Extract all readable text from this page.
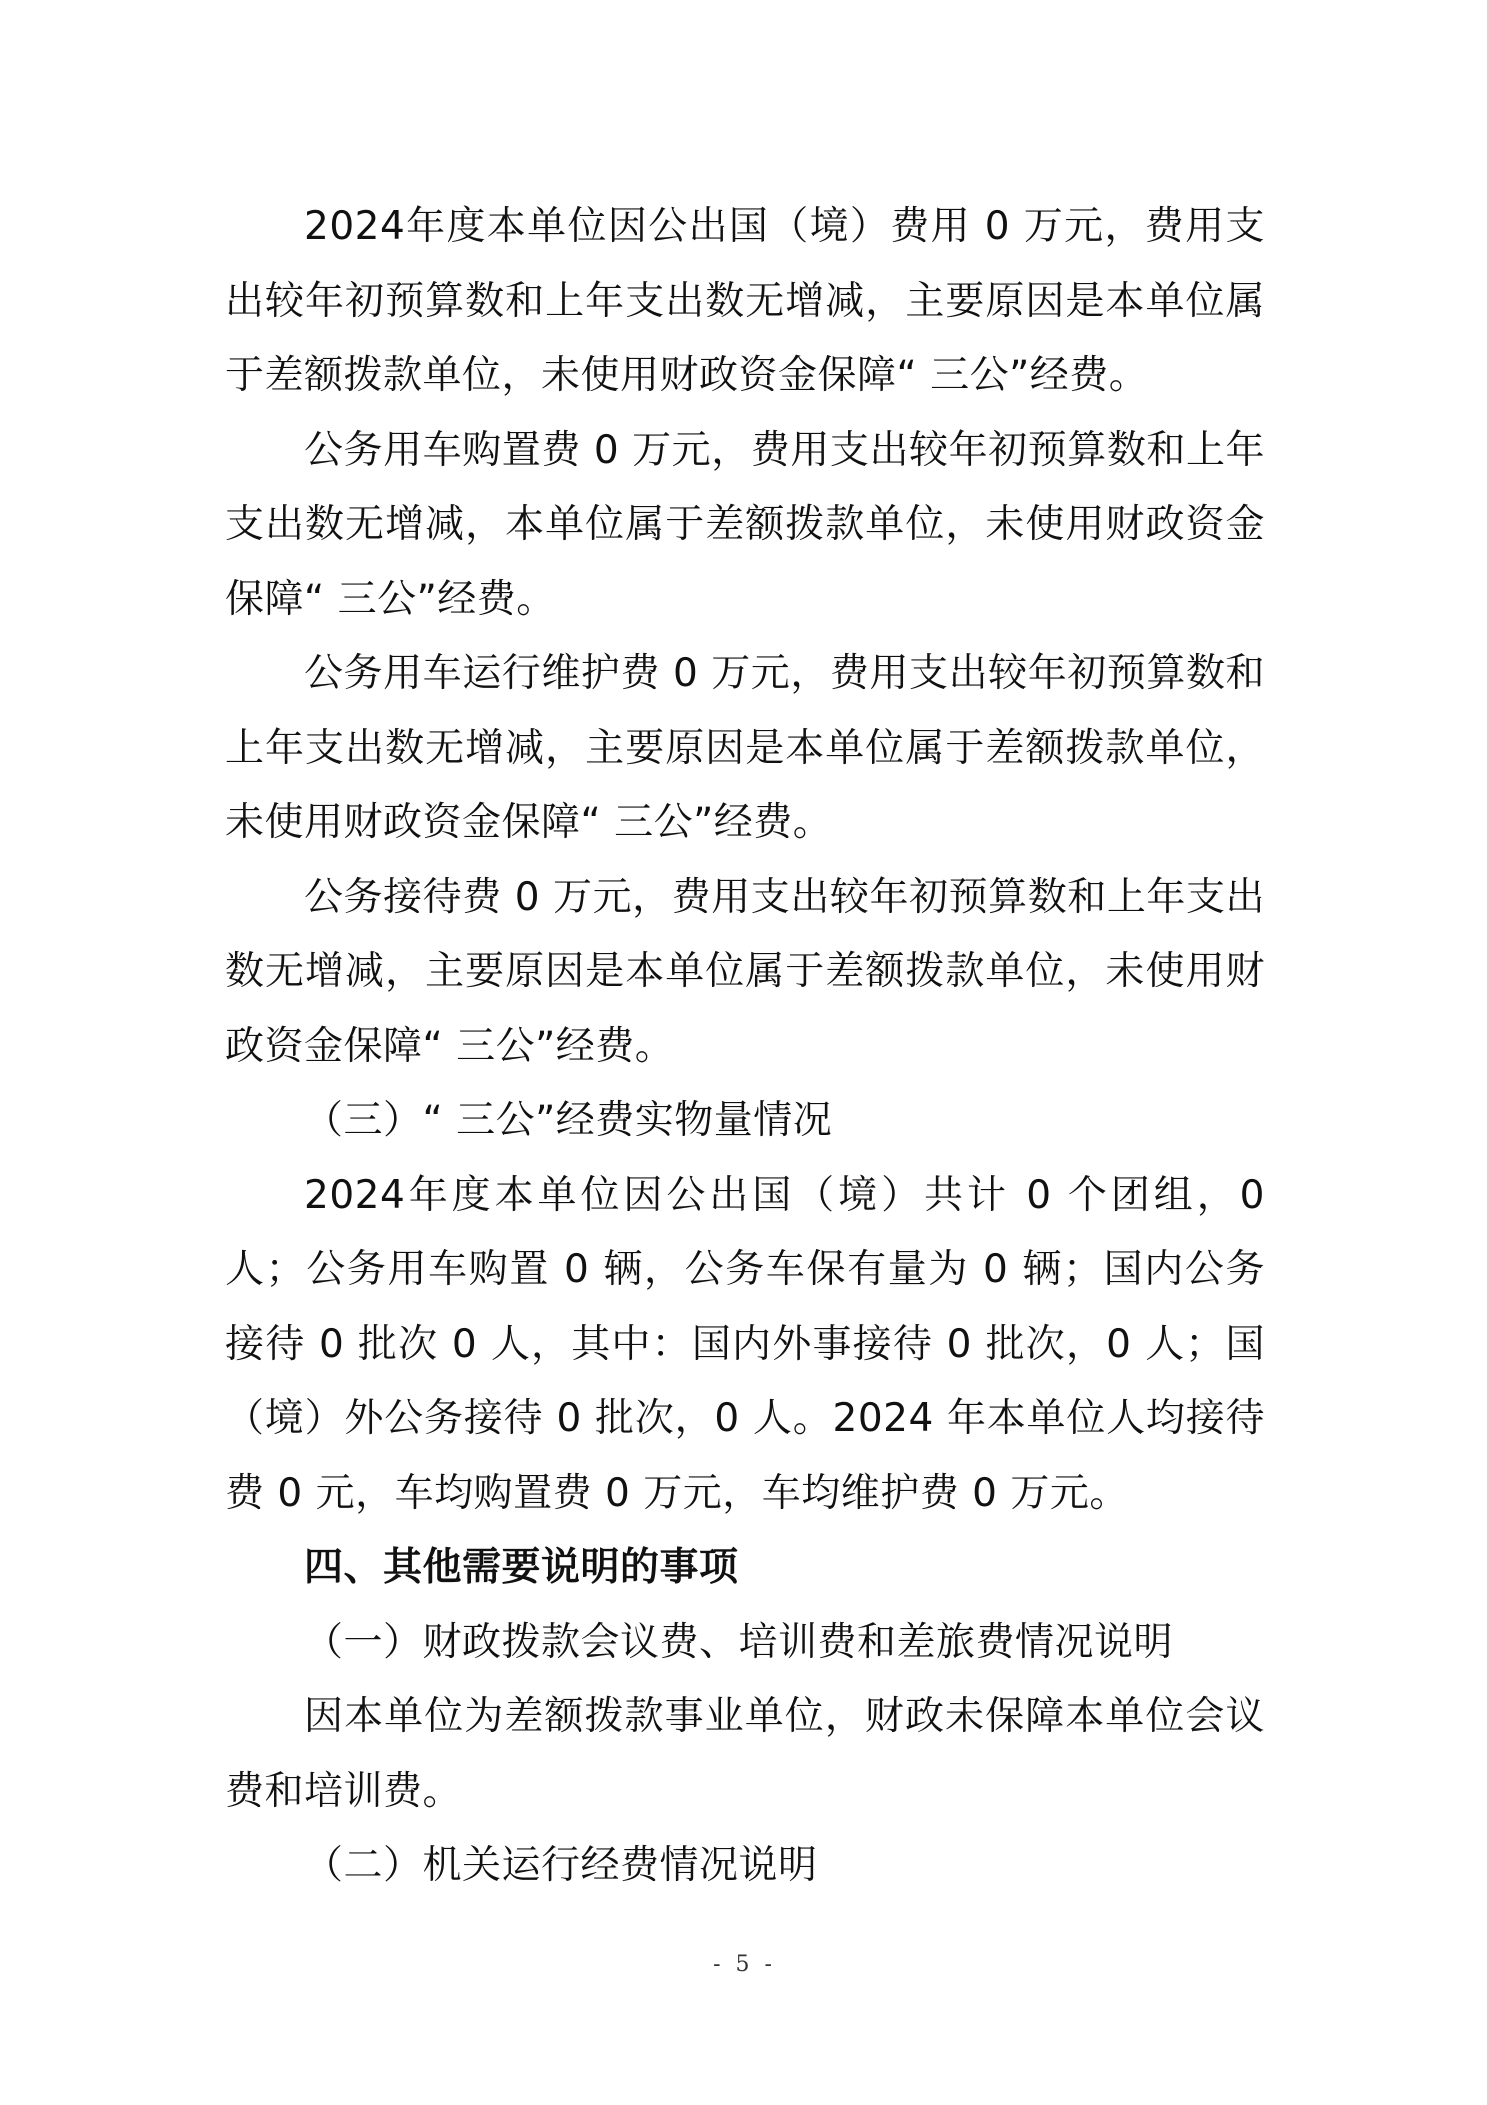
2024年度本单位因公出国（境）费用 0 万元，费用支出较年初预算数和上年支出数无增减，主要原因是本单位属于差额拨款单位，未使用财政资金保障“ 三公”经费。

公务用车购置费 0 万元，费用支出较年初预算数和上年支出数无增减，本单位属于差额拨款单位，未使用财政资金保障“ 三公”经费。

公务用车运行维护费 0 万元，费用支出较年初预算数和上年支出数无增减，主要原因是本单位属于差额拨款单位，未使用财政资金保障“ 三公”经费。

公务接待费 0 万元，费用支出较年初预算数和上年支出数无增减，主要原因是本单位属于差额拨款单位，未使用财政资金保障“ 三公”经费。

（三）“ 三公”经费实物量情况

2024年度本单位因公出国（境）共计 0 个团组，0 人；公务用车购置 0 辆，公务车保有量为 0 辆；国内公务接待 0 批次 0 人，其中：国内外事接待 0 批次，0 人；国（境）外公务接待 0 批次，0 人。2024 年本单位人均接待费 0 元，车均购置费 0 万元，车均维护费 0 万元。

四、其他需要说明的事项

（一）财政拨款会议费、培训费和差旅费情况说明

因本单位为差额拨款事业单位，财政未保障本单位会议费和培训费。

（二）机关运行经费情况说明

- 5 -
